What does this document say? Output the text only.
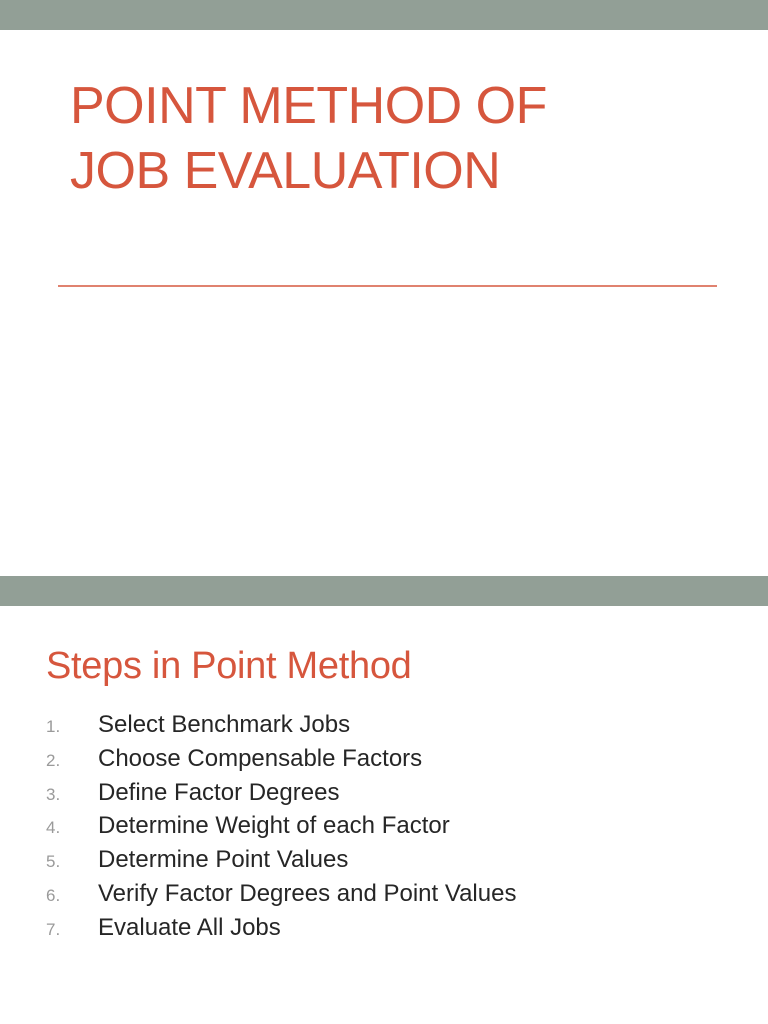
POINT METHOD OF
JOB EVALUATION
Steps in Point Method
1.	Select Benchmark Jobs
2.	Choose Compensable Factors
3.	Define Factor Degrees
4.	Determine Weight of each Factor
5.	Determine Point Values
6.	Verify Factor Degrees and Point Values
7.	Evaluate All Jobs
